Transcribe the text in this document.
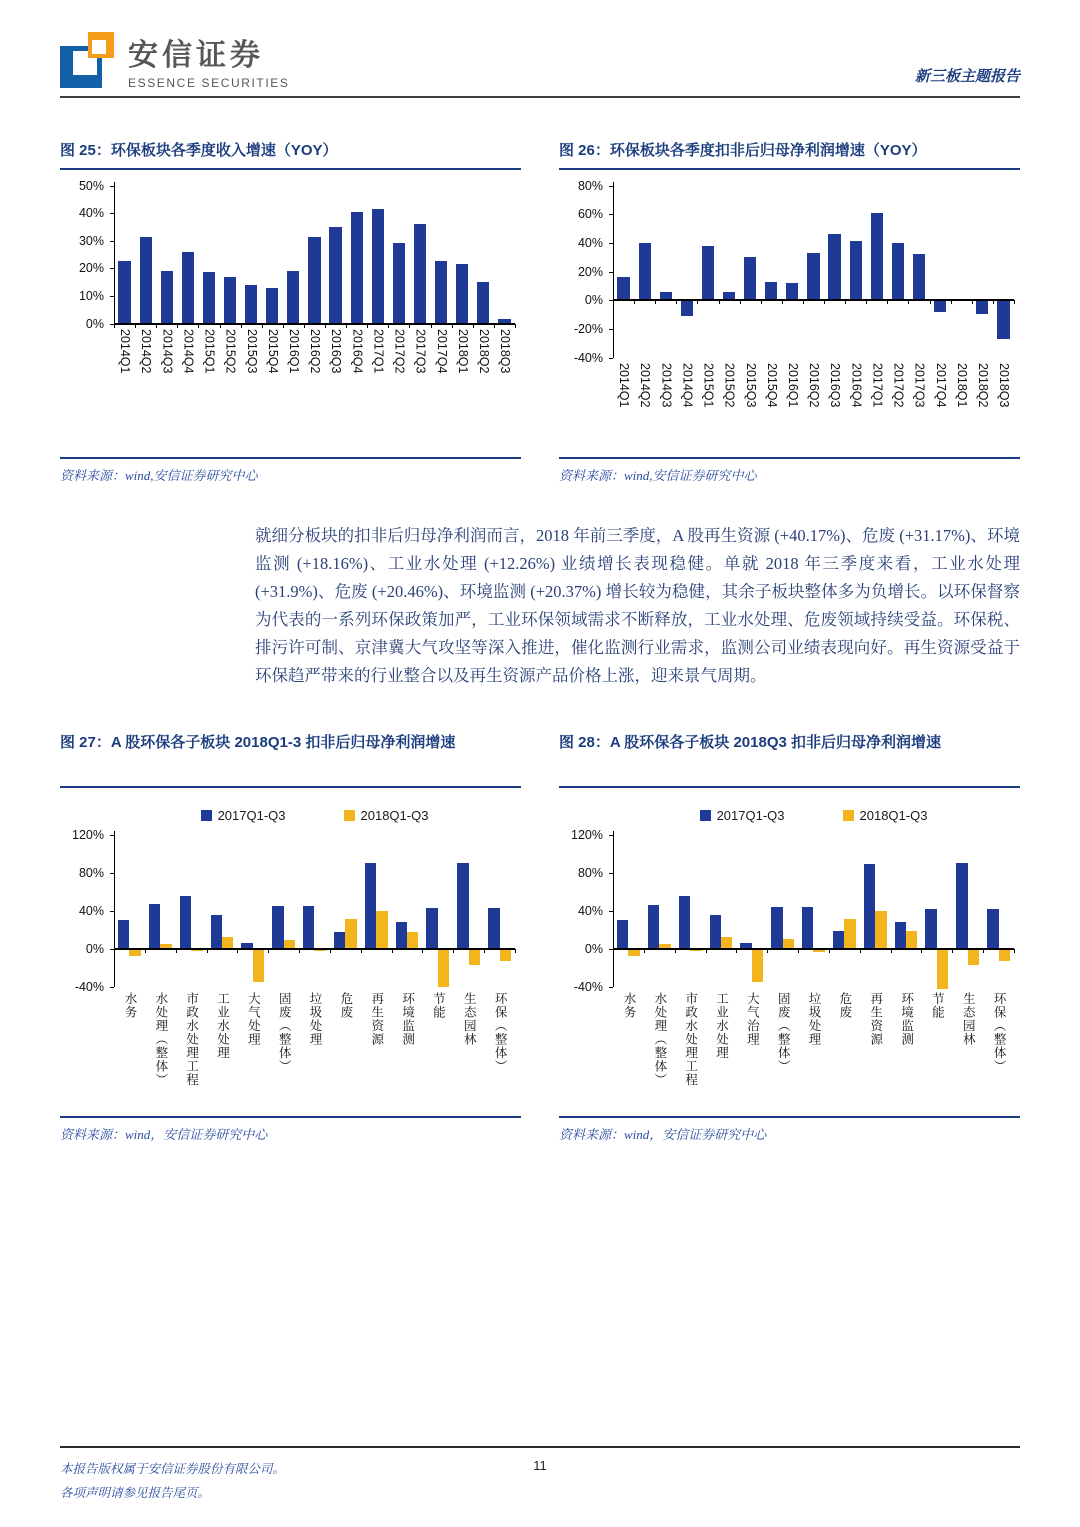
安信证券
ESSENCE SECURITIES	新三板主题报告
图 25：环保板块各季度收入增速（YOY）
0%
10%
20%
30%
40%
50%
2014Q1 2014Q2 2014Q3 2014Q4 2015Q1 2015Q2 2015Q3 2015Q4 2016Q1 2016Q2 2016Q3 2016Q4 2017Q1 2017Q2 2017Q3 2017Q4 2018Q1 2018Q2 2018Q3
资料来源：wind,安信证券研究中心
图 26：环保板块各季度扣非后归母净利润增速（YOY）
-40%
-20%
0%
20%
40%
60%
80%
2014Q1 2014Q2 2014Q3 2014Q4 2015Q1 2015Q2 2015Q3 2015Q4 2016Q1 2016Q2 2016Q3 2016Q4 2017Q1 2017Q2 2017Q3 2017Q4 2018Q1 2018Q2 2018Q3
资料来源：wind,安信证券研究中心
就细分板块的扣非后归母净利润而言，2018 年前三季度，A 股再生资源 (+40.17%)、危废 (+31.17%)、环境监测 (+18.16%)、工业水处理 (+12.26%) 业绩增长表现稳健。单就 2018 年三季度来看，工业水处理 (+31.9%)、危废 (+20.46%)、环境监测 (+20.37%) 增长较为稳健，其余子板块整体多为负增长。以环保督察为代表的一系列环保政策加严，工业环保领域需求不断释放，工业水处理、危废领域持续受益。环保税、排污许可制、京津冀大气攻坚等深入推进，催化监测行业需求，监测公司业绩表现向好。再生资源受益于环保趋严带来的行业整合以及再生资源产品价格上涨，迎来景气周期。
图 27：A 股环保各子板块 2018Q1-3 扣非后归母净利润增速
2017Q1-Q3	2018Q1-Q3
-40%
0%
40%
80%
120%
水务 水处理（整体） 市政水处理工程 工业水处理 大气处理 固废（整体） 垃圾处理 危废 再生资源 环境监测 节能 生态园林 环保（整体）
资料来源：wind，安信证券研究中心
图 28：A 股环保各子板块 2018Q3 扣非后归母净利润增速
2017Q1-Q3	2018Q1-Q3
-40%
0%
40%
80%
120%
水务 水处理（整体） 市政水处理工程 工业水处理 大气治理 固废（整体） 垃圾处理 危废 再生资源 环境监测 节能 生态园林 环保（整体）
资料来源：wind，安信证券研究中心
本报告版权属于安信证券股份有限公司。
各项声明请参见报告尾页。
11
